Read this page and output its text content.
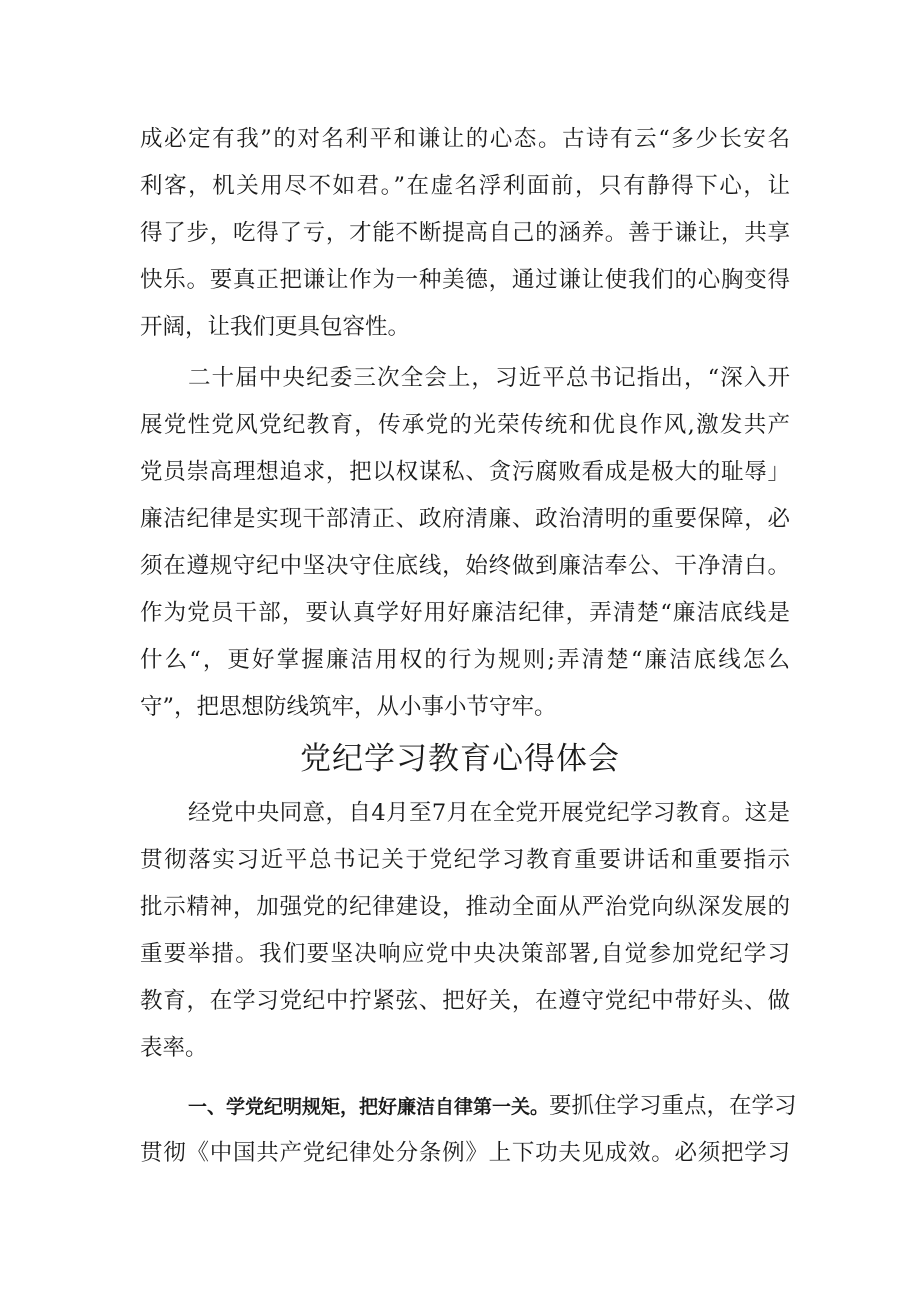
成必定有我”的对名利平和谦让的心态。古诗有云“多少长安名
利客，机关用尽不如君。”在虚名浮利面前，只有静得下心，让
得了步，吃得了亏，才能不断提高自己的涵养。善于谦让，共享
快乐。要真正把谦让作为一种美德，通过谦让使我们的心胸变得
开阔，让我们更具包容性。
二十届中央纪委三次全会上，习近平总书记指出，“深入开
展党性党风党纪教育，传承党的光荣传统和优良作风,激发共产
党员崇高理想追求，把以权谋私、贪污腐败看成是极大的耻辱」
廉洁纪律是实现干部清正、政府清廉、政治清明的重要保障，必
须在遵规守纪中坚决守住底线，始终做到廉洁奉公、干净清白。
作为党员干部，要认真学好用好廉洁纪律，弄清楚“廉洁底线是
什么“，更好掌握廉洁用权的行为规则;弄清楚“廉洁底线怎么
守”，把思想防线筑牢，从小事小节守牢。
党纪学习教育心得体会
经党中央同意，自4月至7月在全党开展党纪学习教育。这是
贯彻落实习近平总书记关于党纪学习教育重要讲话和重要指示
批示精神，加强党的纪律建设，推动全面从严治党向纵深发展的
重要举措。我们要坚决响应党中央决策部署,自觉参加党纪学习
教育，在学习党纪中拧紧弦、把好关，在遵守党纪中带好头、做
表率。
一、学党纪明规矩，把好廉洁自律第一关。要抓住学习重点，在学习
贯彻《中国共产党纪律处分条例》上下功夫见成效。必须把学习
